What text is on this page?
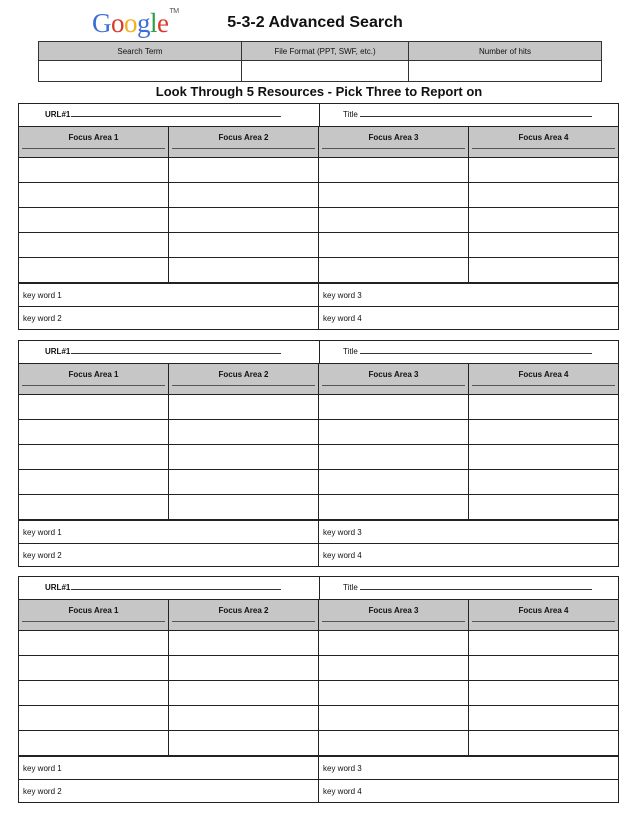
GoogleTM
5-3-2 Advanced Search
Search Term	File Format (PPT, SWF, etc.)	Number of hits

Look Through 5 Resources - Pick Three to Report on
URL#1	Title
Focus Area 1	Focus Area 2	Focus Area 3	Focus Area 4

key word 1	key word 3
key word 2	key word 4
URL#1	Title
Focus Area 1	Focus Area 2	Focus Area 3	Focus Area 4

key word 1	key word 3
key word 2	key word 4
URL#1	Title
Focus Area 1	Focus Area 2	Focus Area 3	Focus Area 4

key word 1	key word 3
key word 2	key word 4
